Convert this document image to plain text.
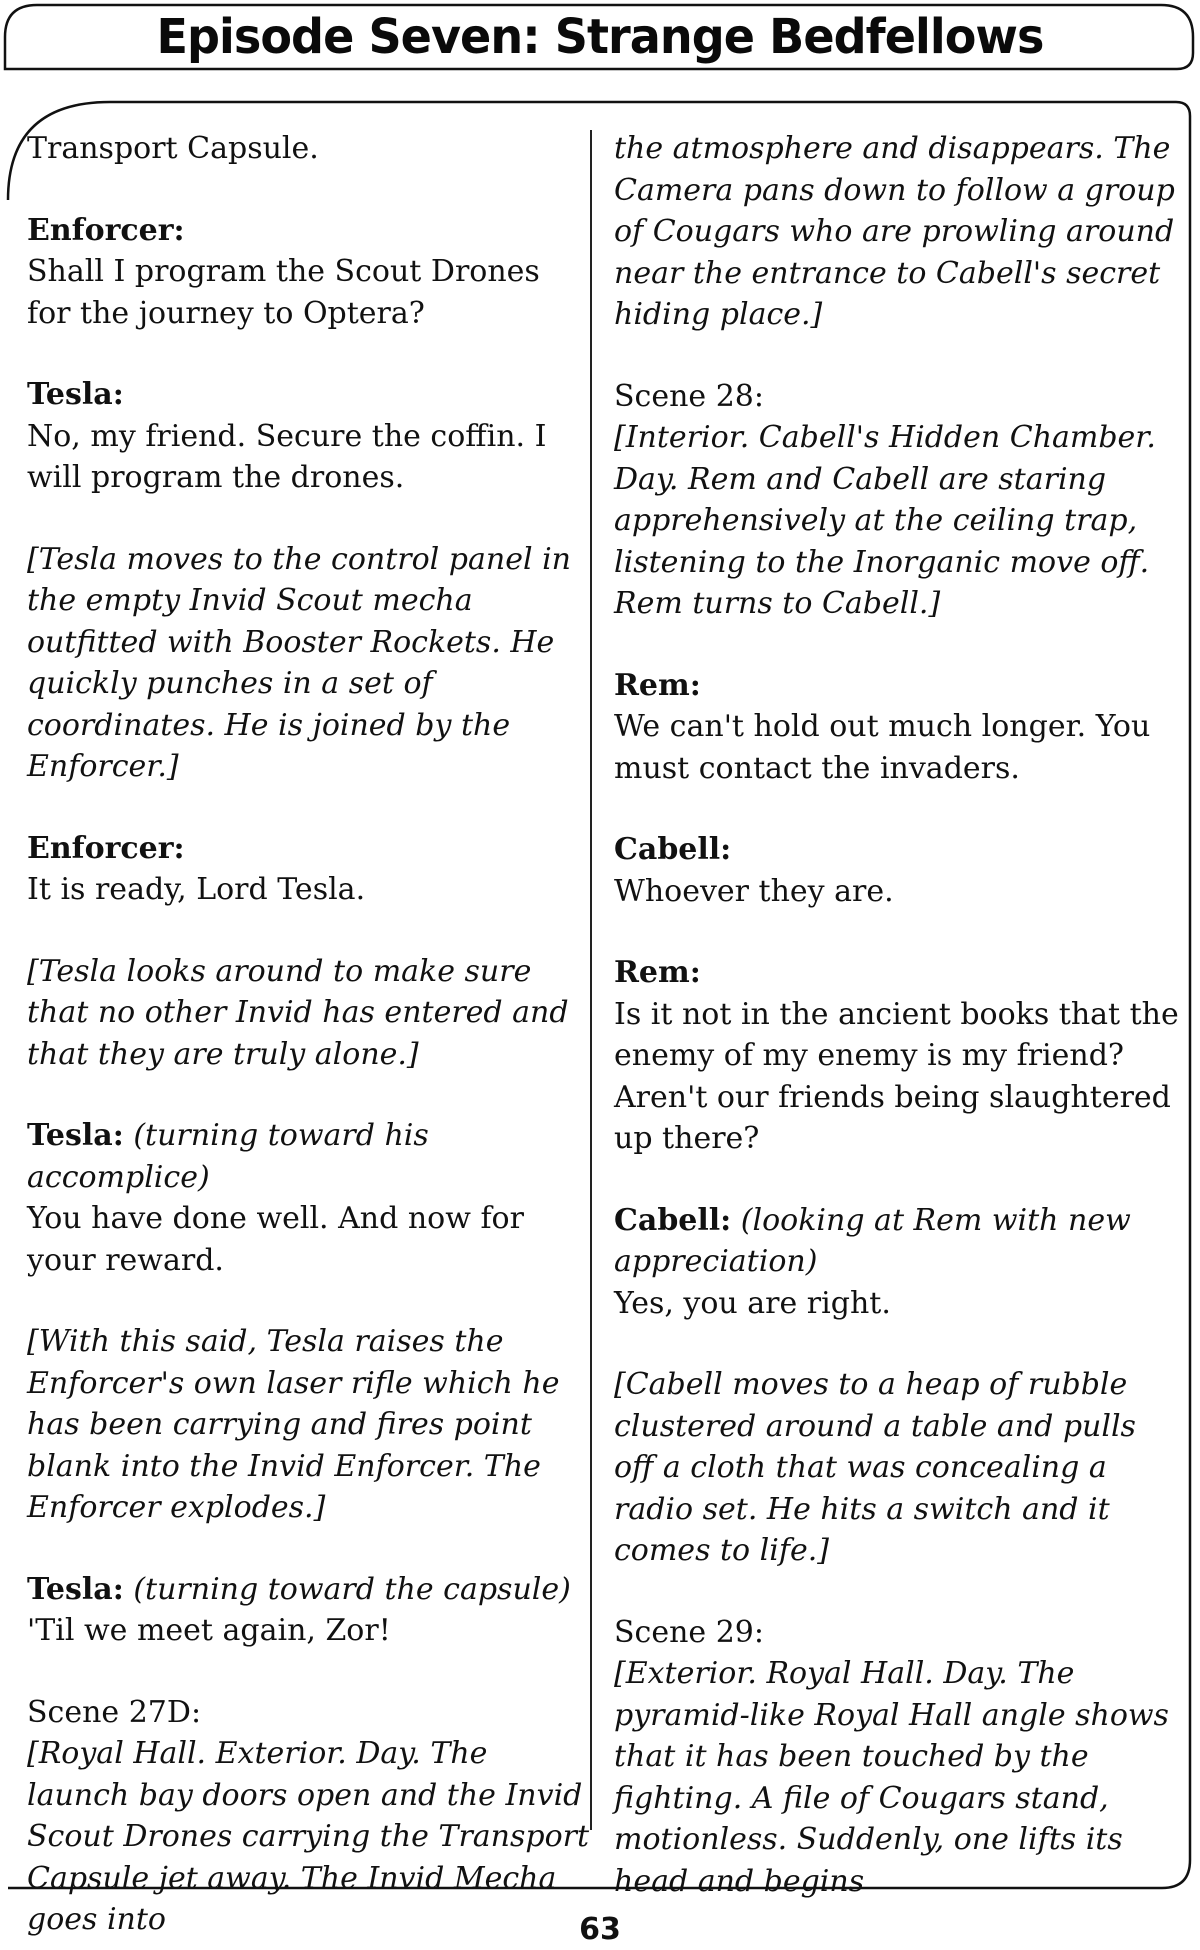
Episode Seven: Strange Bedfellows
Transport Capsule.
Enforcer:
Shall I program the Scout Drones for the journey to Optera?
Tesla:
No, my friend. Secure the coffin. I will program the drones.
[Tesla moves to the control panel in the empty Invid Scout mecha outfitted with Booster Rockets. He quickly punches in a set of coordinates. He is joined by the Enforcer.]
Enforcer:
It is ready, Lord Tesla.
[Tesla looks around to make sure that no other Invid has entered and that they are truly alone.]
Tesla: (turning toward his accomplice)
You have done well. And now for your reward.
[With this said, Tesla raises the Enforcer's own laser rifle which he has been carrying and fires point blank into the Invid Enforcer. The Enforcer explodes.]
Tesla: (turning toward the capsule)
'Til we meet again, Zor!
Scene 27D:
[Royal Hall. Exterior. Day. The launch bay doors open and the Invid Scout Drones carrying the Transport Capsule jet away. The Invid Mecha goes into
the atmosphere and disappears. The Camera pans down to follow a group of Cougars who are prowling around near the entrance to Cabell's secret hiding place.]
Scene 28:
[Interior. Cabell's Hidden Chamber. Day. Rem and Cabell are staring apprehensively at the ceiling trap, listening to the Inorganic move off. Rem turns to Cabell.]
Rem:
We can't hold out much longer. You must contact the invaders.
Cabell:
Whoever they are.
Rem:
Is it not in the ancient books that the enemy of my enemy is my friend? Aren't our friends being slaughtered up there?
Cabell: (looking at Rem with new appreciation)
Yes, you are right.
[Cabell moves to a heap of rubble clustered around a table and pulls off a cloth that was concealing a radio set. He hits a switch and it comes to life.]
Scene 29:
[Exterior. Royal Hall. Day. The pyramid-like Royal Hall angle shows that it has been touched by the fighting. A file of Cougars stand, motionless. Suddenly, one lifts its head and begins
63
